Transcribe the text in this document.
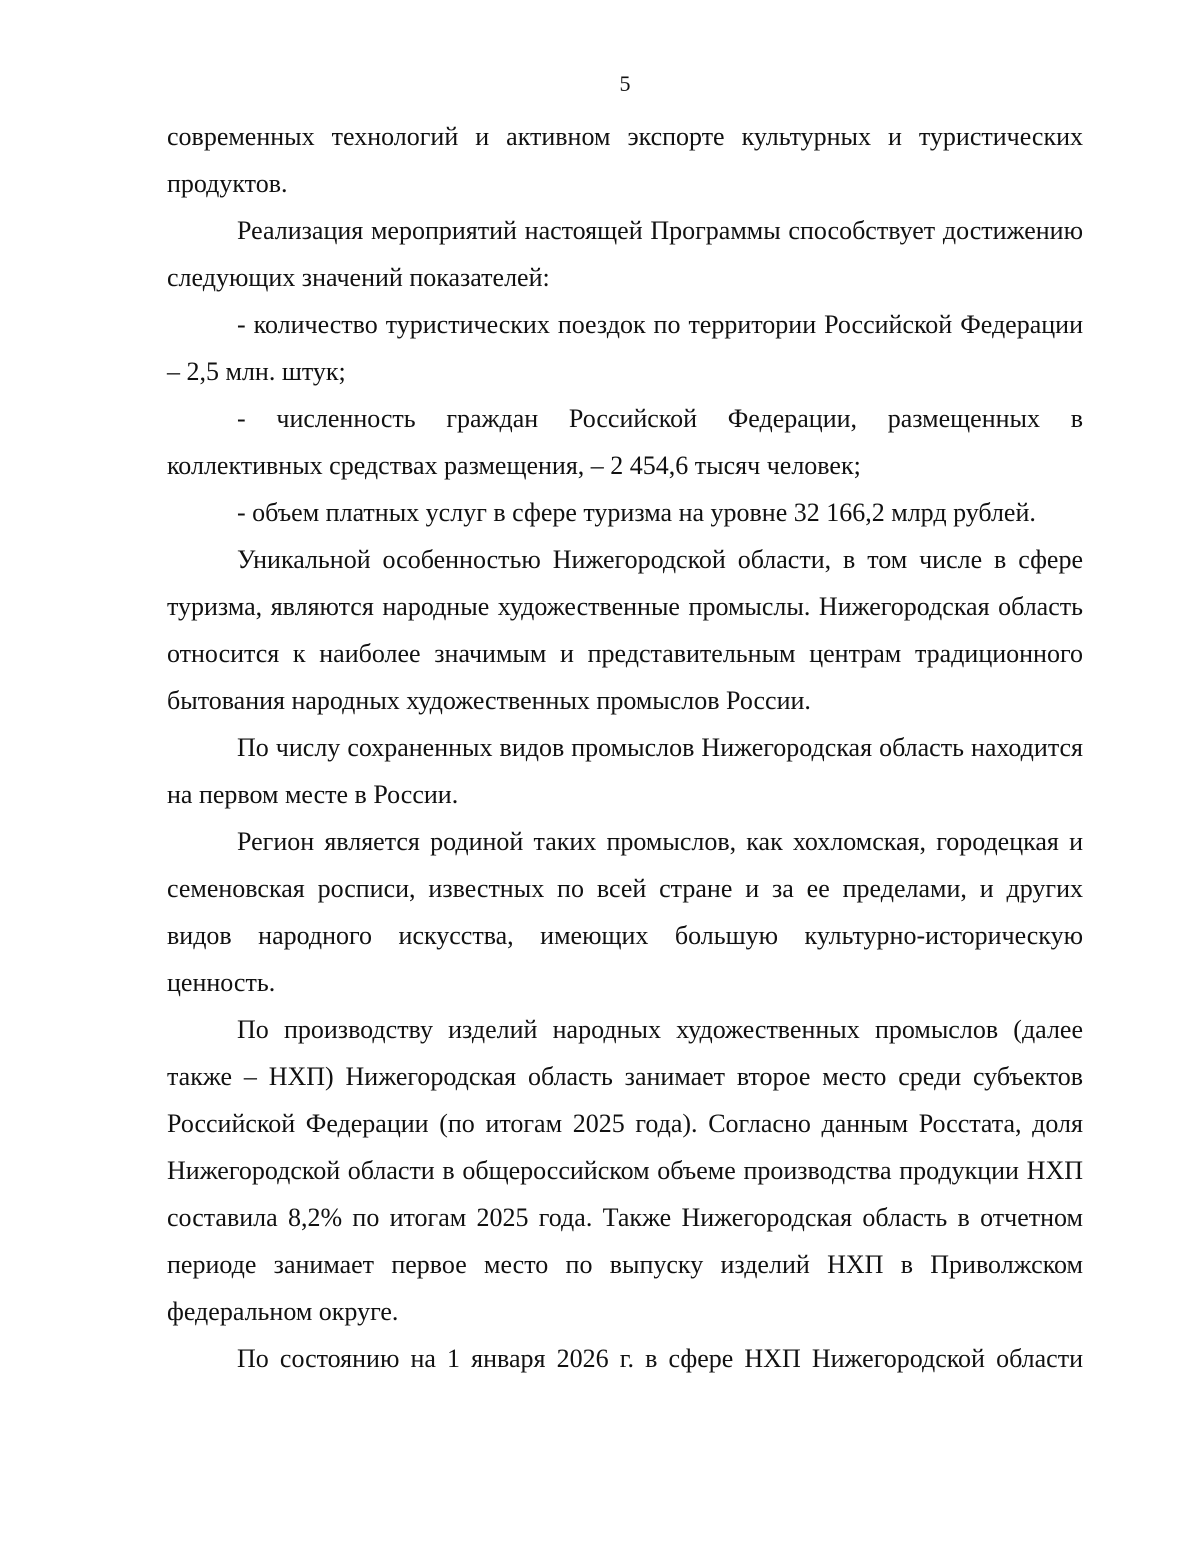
5

современных технологий и активном экспорте культурных и туристических продуктов.

Реализация мероприятий настоящей Программы способствует достижению следующих значений показателей:

- количество туристических поездок по территории Российской Федерации – 2,5 млн. штук;

- численность граждан Российской Федерации, размещенных в коллективных средствах размещения, – 2 454,6 тысяч человек;

- объем платных услуг в сфере туризма на уровне 32 166,2 млрд рублей.

Уникальной особенностью Нижегородской области, в том числе в сфере туризма, являются народные художественные промыслы. Нижегородская область относится к наиболее значимым и представительным центрам традиционного бытования народных художественных промыслов России.

По числу сохраненных видов промыслов Нижегородская область находится на первом месте в России.

Регион является родиной таких промыслов, как хохломская, городецкая и семеновская росписи, известных по всей стране и за ее пределами, и других видов народного искусства, имеющих большую культурно-историческую ценность.

По производству изделий народных художественных промыслов (далее также – НХП) Нижегородская область занимает второе место среди субъектов Российской Федерации (по итогам 2025 года). Согласно данным Росстата, доля Нижегородской области в общероссийском объеме производства продукции НХП составила 8,2% по итогам 2025 года. Также Нижегородская область в отчетном периоде занимает первое место по выпуску изделий НХП в Приволжском федеральном округе.

По состоянию на 1 января 2026 г. в сфере НХП Нижегородской области
